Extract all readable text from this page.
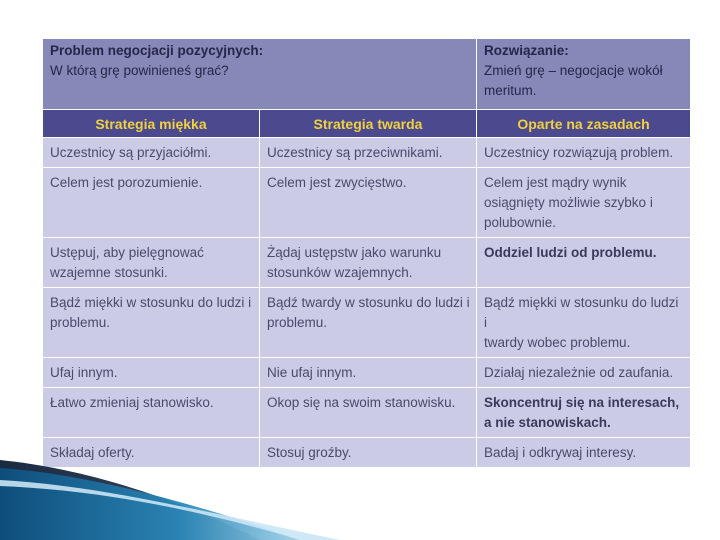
Problem negocjacji pozycyjnych:
W którą grę powinieneś grać?		Rozwiązanie:
Zmień grę – negocjacje wokół
meritum.

Strategia miękka	Strategia twarda	Oparte na zasadach

Uczestnicy są przyjaciółmi.	Uczestnicy są przeciwnikami.	Uczestnicy rozwiązują problem.

Celem jest porozumienie.	Celem jest zwycięstwo.	Celem jest mądry wynik
osiągnięty możliwie szybko i
polubownie.

Ustępuj, aby pielęgnować
wzajemne stosunki.	Żądaj ustępstw jako warunku
stosunków wzajemnych.	Oddziel ludzi od problemu.

Bądź miękki w stosunku do ludzi i
problemu.	Bądź twardy w stosunku do ludzi i
problemu.	Bądź miękki w stosunku do ludzi i
twardy wobec problemu.

Ufaj innym.	Nie ufaj innym.	Działaj niezależnie od zaufania.

Łatwo zmieniaj stanowisko.	Okop się na swoim stanowisku.	Skoncentruj się na interesach,
a nie stanowiskach.

Składaj oferty.	Stosuj groźby.	Badaj i odkrywaj interesy.
